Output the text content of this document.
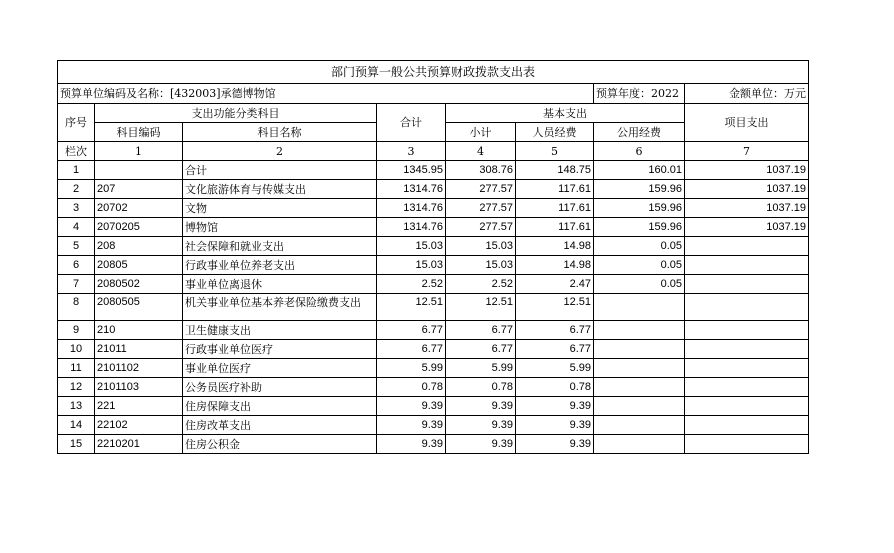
部门预算一般公共预算财政拨款支出表							
预算单位编码及名称：[432003]承德博物馆						预算年度：2022	金额单位：万元
序号	支出功能分类科目		合计	基本支出			项目支出
	科目编码	科目名称		小计	人员经费	公用经费	
栏次	1	2	3	4	5	6	7
1		合计	1345.95	308.76	148.75	160.01	1037.19
2	207	文化旅游体育与传媒支出	1314.76	277.57	117.61	159.96	1037.19
3	20702	文物	1314.76	277.57	117.61	159.96	1037.19
4	2070205	博物馆	1314.76	277.57	117.61	159.96	1037.19
5	208	社会保障和就业支出	15.03	15.03	14.98	0.05	
6	20805	行政事业单位养老支出	15.03	15.03	14.98	0.05	
7	2080502	事业单位离退休	2.52	2.52	2.47	0.05	
8	2080505	机关事业单位基本养老保险缴费支出	12.51	12.51	12.51		
9	210	卫生健康支出	6.77	6.77	6.77		
10	21011	行政事业单位医疗	6.77	6.77	6.77		
11	2101102	事业单位医疗	5.99	5.99	5.99		
12	2101103	公务员医疗补助	0.78	0.78	0.78		
13	221	住房保障支出	9.39	9.39	9.39		
14	22102	住房改革支出	9.39	9.39	9.39		
15	2210201	住房公积金	9.39	9.39	9.39		
